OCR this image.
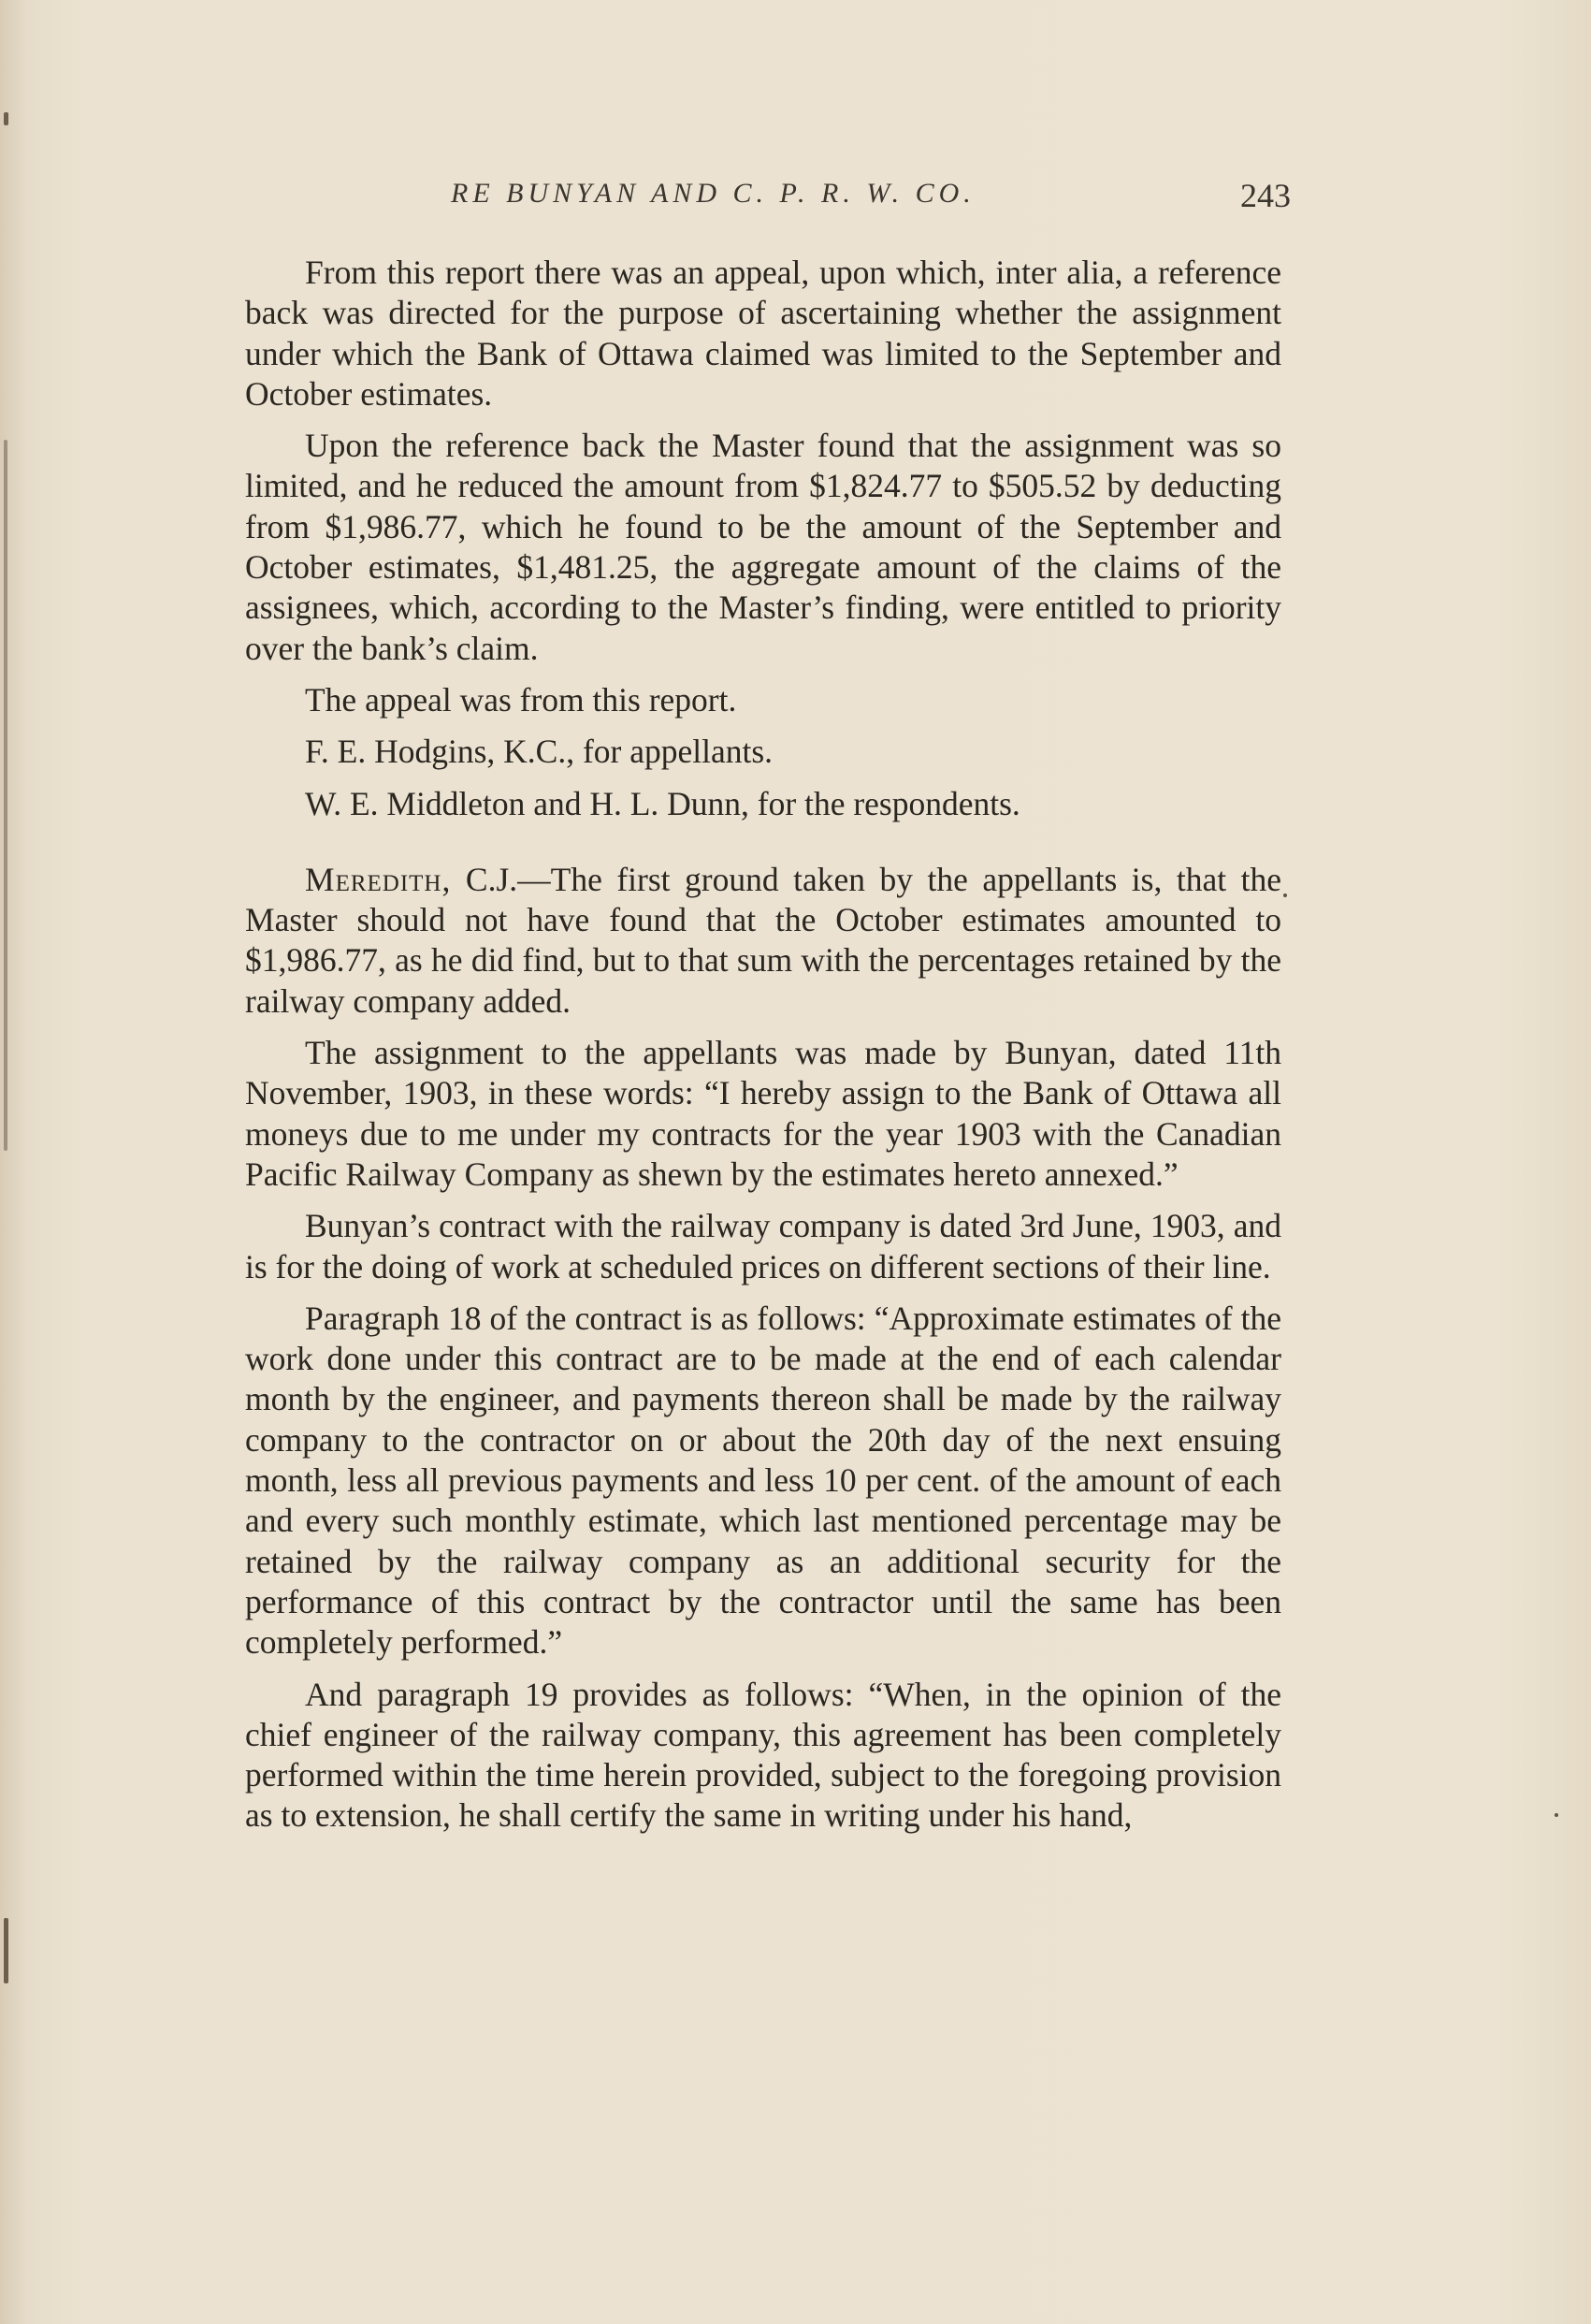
RE BUNYAN AND C. P. R. W. CO.	243

From this report there was an appeal, upon which, inter alia, a reference back was directed for the purpose of ascertaining whether the assignment under which the Bank of Ottawa claimed was limited to the September and October estimates.

Upon the reference back the Master found that the assignment was so limited, and he reduced the amount from $1,824.77 to $505.52 by deducting from $1,986.77, which he found to be the amount of the September and October estimates, $1,481.25, the aggregate amount of the claims of the assignees, which, according to the Master’s finding, were entitled to priority over the bank’s claim.

The appeal was from this report.

F. E. Hodgins, K.C., for appellants.

W. E. Middleton and H. L. Dunn, for the respondents.

Meredith, C.J.—The first ground taken by the appellants is, that the Master should not have found that the October estimates amounted to $1,986.77, as he did find, but to that sum with the percentages retained by the railway company added.

The assignment to the appellants was made by Bunyan, dated 11th November, 1903, in these words: “I hereby assign to the Bank of Ottawa all moneys due to me under my contracts for the year 1903 with the Canadian Pacific Railway Company as shewn by the estimates hereto annexed.”

Bunyan’s contract with the railway company is dated 3rd June, 1903, and is for the doing of work at scheduled prices on different sections of their line.

Paragraph 18 of the contract is as follows: “Approximate estimates of the work done under this contract are to be made at the end of each calendar month by the engineer, and payments thereon shall be made by the railway company to the contractor on or about the 20th day of the next ensuing month, less all previous payments and less 10 per cent. of the amount of each and every such monthly estimate, which last mentioned percentage may be retained by the railway company as an additional security for the performance of this contract by the contractor until the same has been completely performed.”

And paragraph 19 provides as follows: “When, in the opinion of the chief engineer of the railway company, this agreement has been completely performed within the time herein provided, subject to the foregoing provision as to extension, he shall certify the same in writing under his hand,
